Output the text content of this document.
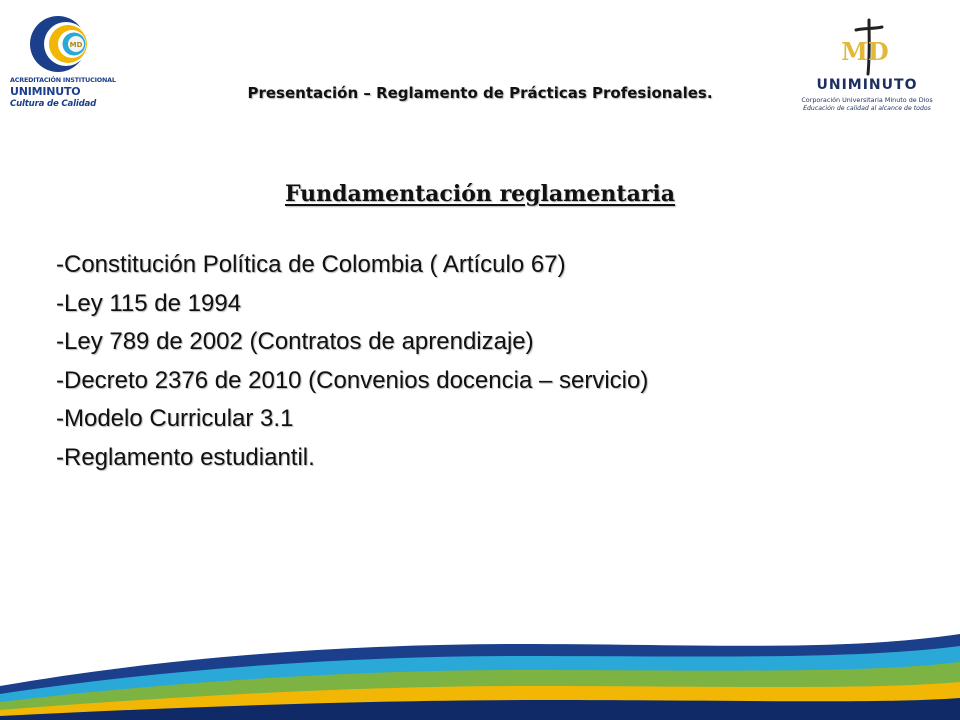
MD
ACREDITACIÓN INSTITUCIONAL
UNIMINUTO
Cultura de Calidad
MD
UNIMINUTO
Corporación Universitaria Minuto de Dios
Educación de calidad al alcance de todos
Presentación – Reglamento de Prácticas Profesionales.
Fundamentación reglamentaria
-Constitución Política de Colombia ( Artículo 67)
-Ley 115 de 1994
-Ley 789 de 2002 (Contratos de aprendizaje)
-Decreto 2376 de 2010 (Convenios docencia – servicio)
-Modelo Curricular 3.1
-Reglamento estudiantil.
